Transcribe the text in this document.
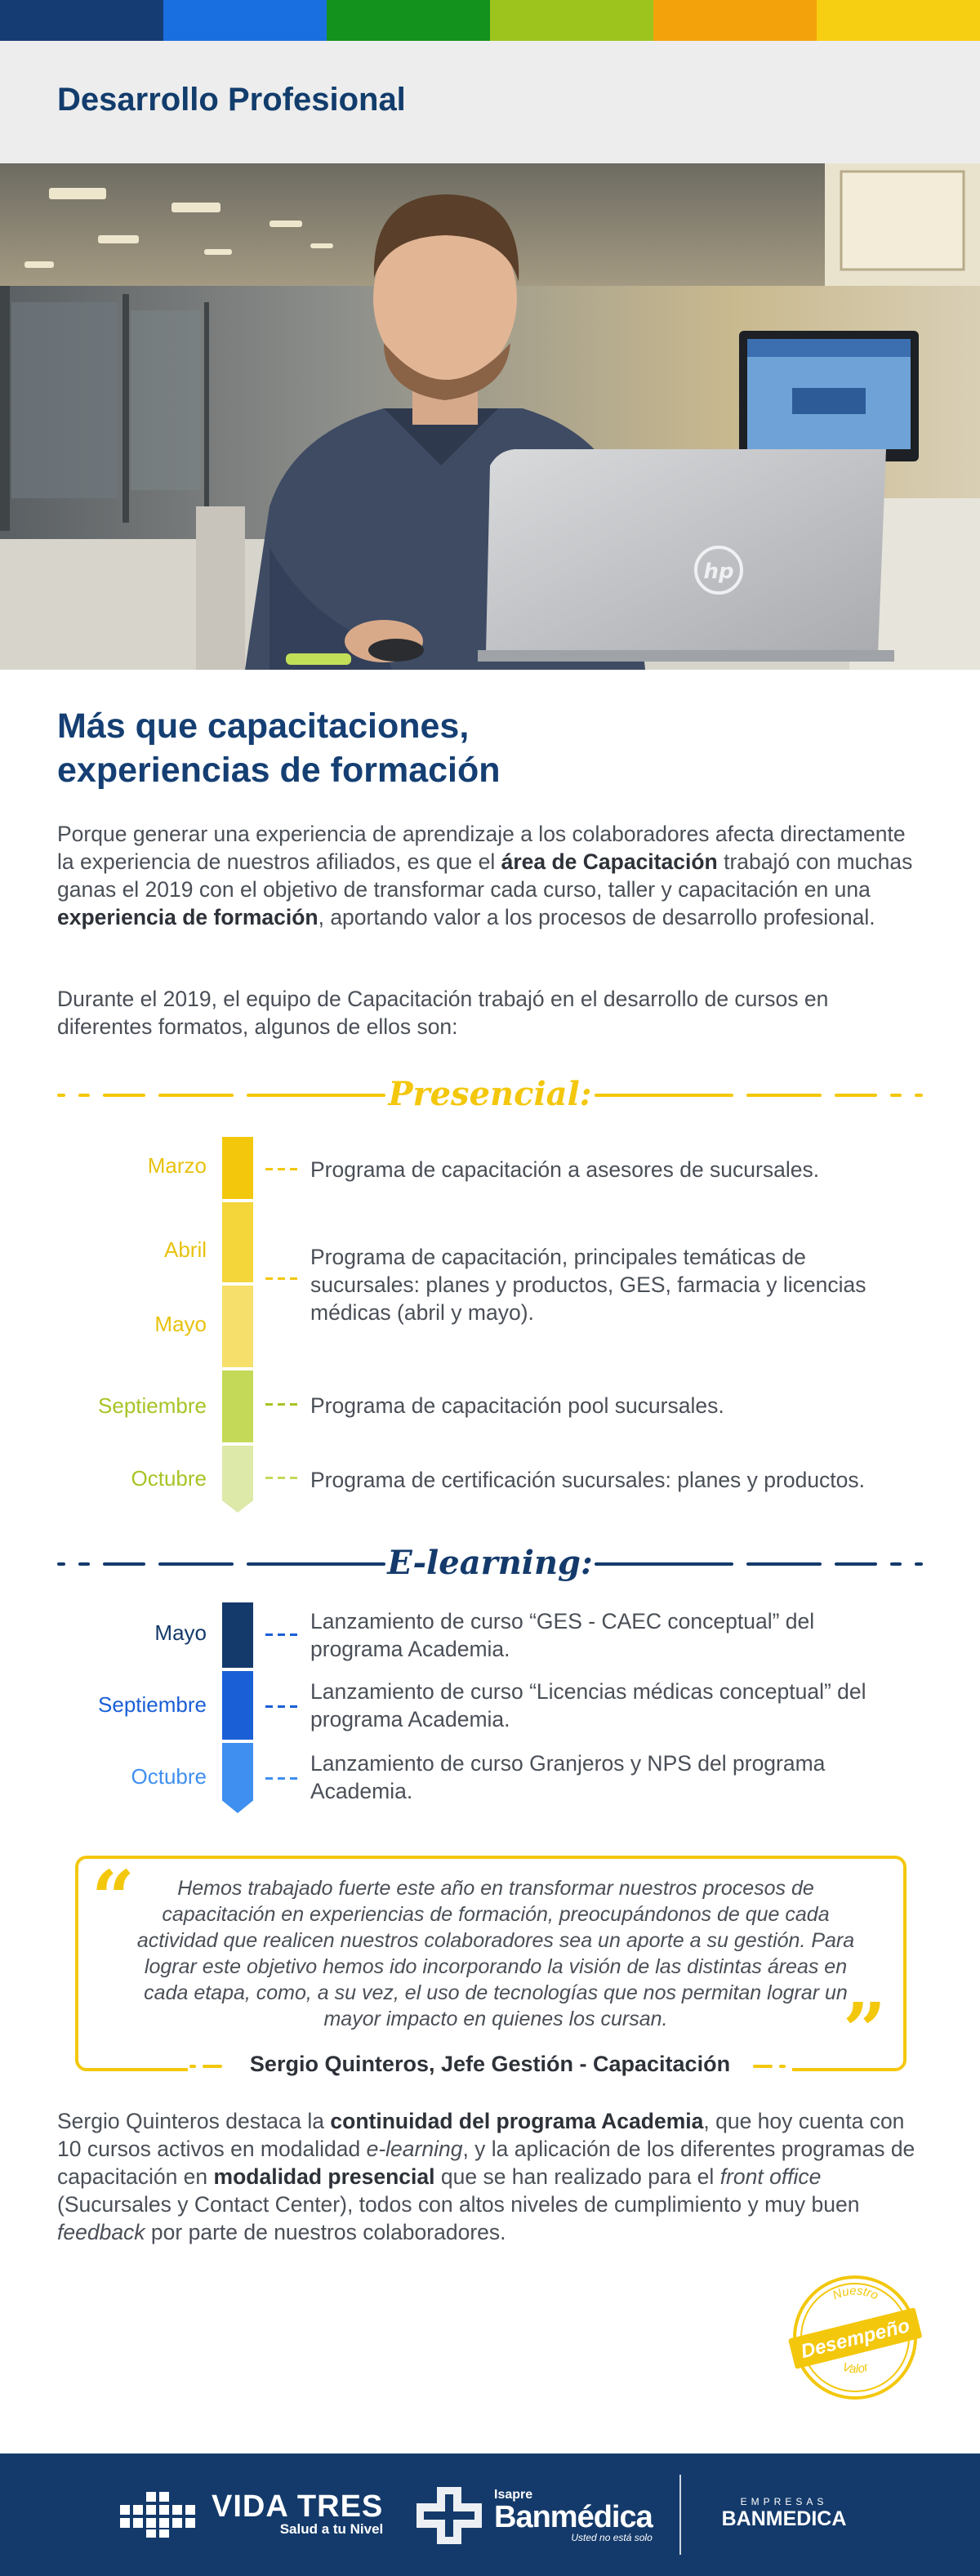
Desarrollo Profesional
hp
Más que capacitaciones,
experiencias de formación

Porque generar una experiencia de aprendizaje a los colaboradores afecta directamente la experiencia de nuestros afiliados, es que el área de Capacitación trabajó con muchas ganas el 2019 con el objetivo de transformar cada curso, taller y capacitación en una experiencia de formación, aportando valor a los procesos de desarrollo profesional.

Durante el 2019, el equipo de Capacitación trabajó en el desarrollo de cursos en diferentes formatos, algunos de ellos son:

Presencial:
Marzo
Abril
Mayo
Septiembre
Octubre
Programa de capacitación a asesores de sucursales.
Programa de capacitación, principales temáticas de sucursales: planes y productos, GES, farmacia y licencias médicas (abril y mayo).
Programa de capacitación pool sucursales.
Programa de certificación sucursales: planes y productos.
E-learning:
Mayo
Septiembre
Octubre
Lanzamiento de curso “GES - CAEC conceptual” del programa Academia.
Lanzamiento de curso “Licencias médicas conceptual” del programa Academia.
Lanzamiento de curso Granjeros y NPS del programa Academia.
“
”

Hemos trabajado fuerte este año en transformar nuestros procesos de capacitación en experiencias de formación, preocupándonos de que cada actividad que realicen nuestros colaboradores sea un aporte a su gestión. Para lograr este objetivo hemos ido incorporando la visión de las distintas áreas en cada etapa, como, a su vez, el uso de tecnologías que nos permitan lograr un mayor impacto en quienes los cursan.

Sergio Quinteros, Jefe Gestión - Capacitación

Sergio Quinteros destaca la continuidad del programa Academia, que hoy cuenta con 10 cursos activos en modalidad e-learning, y la aplicación de los diferentes programas de capacitación en modalidad presencial que se han realizado para el front office (Sucursales y Contact Center), todos con altos niveles de cumplimiento y muy buen feedback por parte de nuestros colaboradores.

Nuestro
Valor
Desempeño
VIDA TRES
Salud a tu Nivel
Isapre
Banmédica
Usted no está solo
EMPRESAS
BANMEDICA
